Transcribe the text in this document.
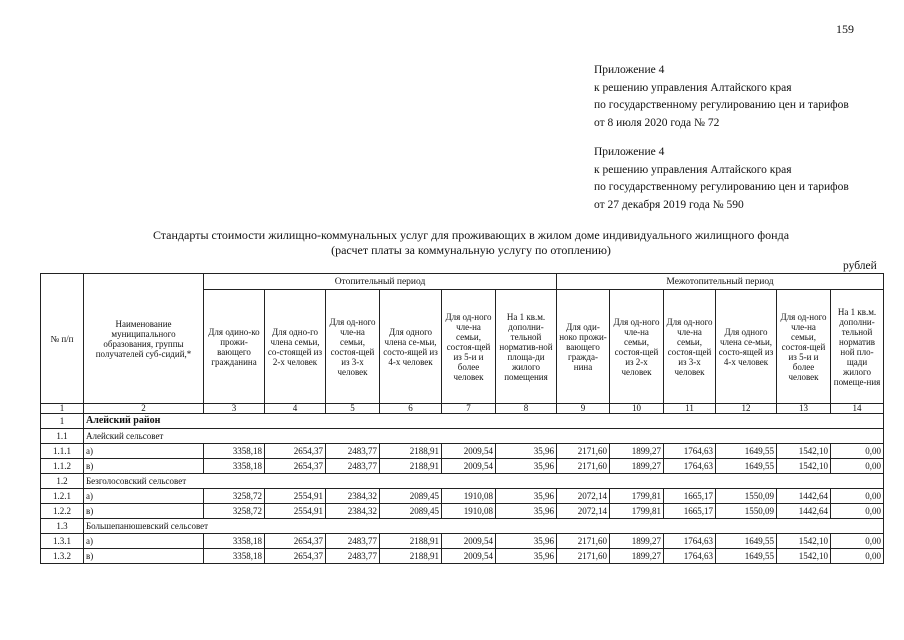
159
Приложение 4
к решению управления Алтайского края
по государственному регулированию цен и тарифов
от 8 июля 2020 года № 72
Приложение 4
к решению управления Алтайского края
по государственному регулированию цен и тарифов
от 27 декабря 2019 года № 590
Стандарты стоимости жилищно-коммунальных услуг для проживающих в жилом доме индивидуального жилищного фонда
(расчет платы за коммунальную услугу по отоплению)
рублей
№ п/п	Наименование муниципального образования, группы получателей суб-сидий,*	Отопительный период						Межотопительный период					
		Для одино-ко прожи-вающего гражданина	Для одно-го члена семьи, со-стоящей из 2-х человек	Для од-ного чле-на семьи, состоя-щей из 3-х человек	Для одного члена се-мьи, состо-ящей из 4-х человек	Для од-ного чле-на семьи, состоя-щей из 5-и и более человек	На 1 кв.м. дополни-тельной норматив-ной площа-ди жилого помещения	Для оди-ноко прожи-вающего гражда-нина	Для од-ного чле-на семьи, состоя-щей из 2-х человек	Для од-ного чле-на семьи, состоя-щей из 3-х человек	Для одного члена се-мьи, состо-ящей из 4-х человек	Для од-ного чле-на семьи, состоя-щей из 5-и и более человек	На 1 кв.м. дополни-тельной норматив ной пло-щади жилого помеще-ния
1	2	3	4	5	6	7	8	9	10	11	12	13	14
1	Алейский район												
1.1	Алейский сельсовет												
1.1.1	а)	3358,18	2654,37	2483,77	2188,91	2009,54	35,96	2171,60	1899,27	1764,63	1649,55	1542,10	0,00
1.1.2	в)	3358,18	2654,37	2483,77	2188,91	2009,54	35,96	2171,60	1899,27	1764,63	1649,55	1542,10	0,00
1.2	Безголосовский сельсовет												
1.2.1	а)	3258,72	2554,91	2384,32	2089,45	1910,08	35,96	2072,14	1799,81	1665,17	1550,09	1442,64	0,00
1.2.2	в)	3258,72	2554,91	2384,32	2089,45	1910,08	35,96	2072,14	1799,81	1665,17	1550,09	1442,64	0,00
1.3	Большепанюшевский сельсовет												
1.3.1	а)	3358,18	2654,37	2483,77	2188,91	2009,54	35,96	2171,60	1899,27	1764,63	1649,55	1542,10	0,00
1.3.2	в)	3358,18	2654,37	2483,77	2188,91	2009,54	35,96	2171,60	1899,27	1764,63	1649,55	1542,10	0,00
